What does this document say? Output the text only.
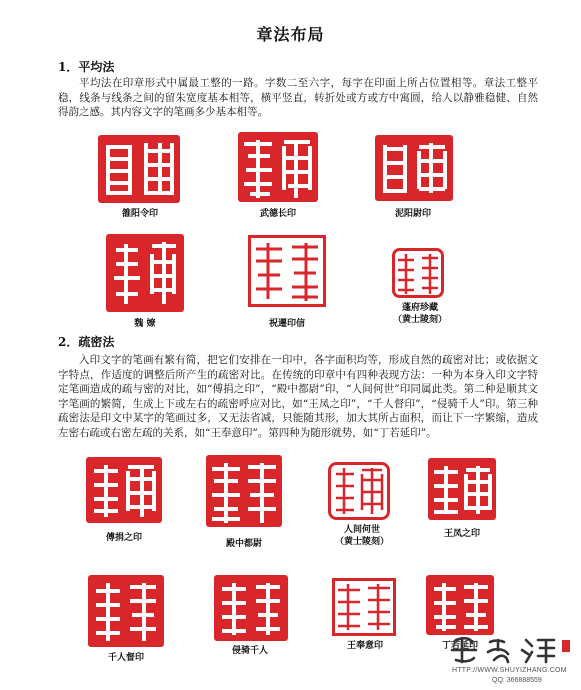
章法布局
1．平均法
平均法在印章形式中属最工整的一路。字数二至六字，每字在印面上所占位置相等。章法工整平稳，线条与线条之间的留朱宽度基本相等，横平竖直，转折处或方或方中寓圆，给人以静雅稳健、自然得韵之感。其内容文字的笔画多少基本相等。
雒阳令印	武德长印	泥阳尉印
魏 嫽	祝遷印信
蓬府珍藏
（黄士陵刻）
2．疏密法
入印文字的笔画有繁有简，把它们安排在一印中，各字面积均等，形成自然的疏密对比；或依据文字特点，作适度的调整后所产生的疏密对比。在传统的印章中有四种表现方法：一种为本身入印文字特定笔画造成的疏与密的对比，如“傅捐之印”，“殿中都尉”印，“人间何世”印同属此类。第二种是顺其文字笔画的繁简，生成上下或左右的疏密呼应对比，如“王凤之印”，“千人督印”，“侵骑千人”印。第三种疏密法是印文中某字的笔画过多，又无法省减，只能随其形，加大其所占面积，而让下一字繁缩，造成左密右疏或右密左疏的关系，如“王奉意印”。第四种为随形就势，如“丁若延印”。
傅捐之印
殿中都尉
人间何世
（黄士陵刻）
王凤之印
千人督印
侵骑千人	王奉意印	丁若延印
HTTP://WWW.SHUYIZHANG.COM
QQ: 366888559
